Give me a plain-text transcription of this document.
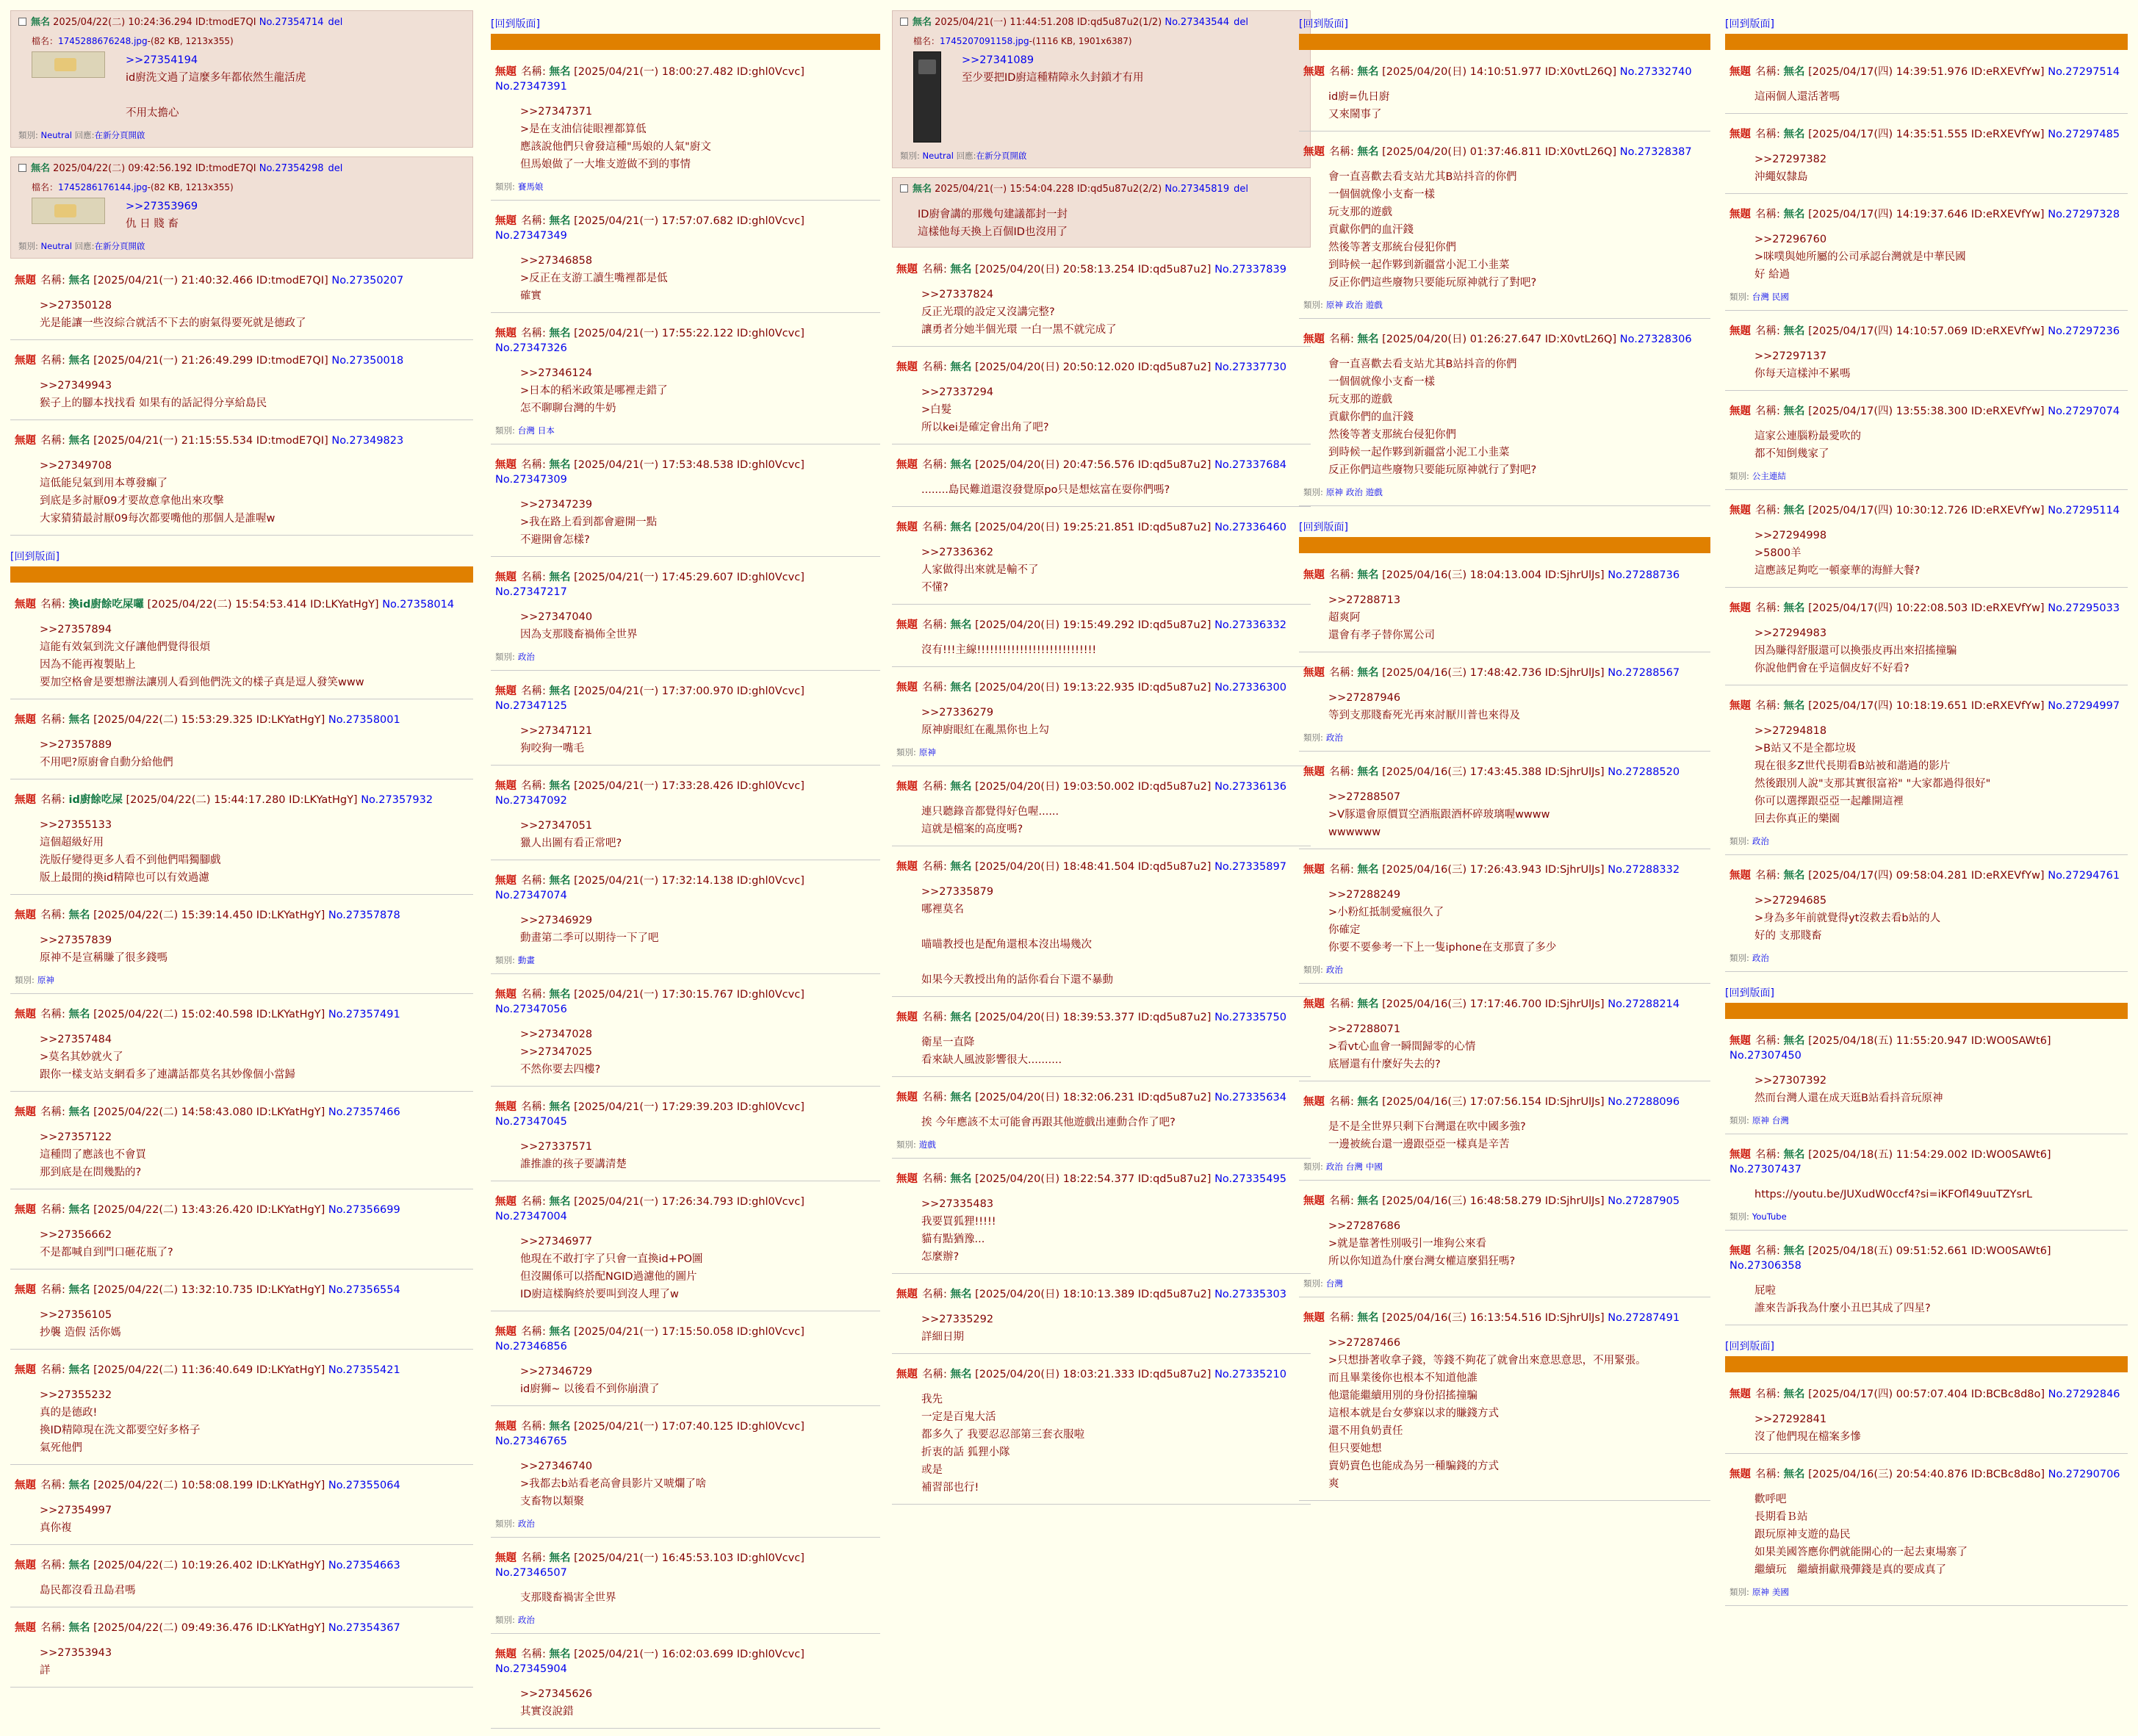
無名 2025/04/22(二) 10:24:36.294 ID:tmodE7QI No.27354714 del
檔名：1745288676248.jpg-(82 KB, 1213x355)
>>27354194
id廚洗文過了這麼多年都依然生龍活虎
不用太擔心
類別: Neutral 回應:在新分頁開啟
無名 2025/04/22(二) 09:42:56.192 ID:tmodE7QI No.27354298 del
檔名：1745286176144.jpg-(82 KB, 1213x355)
>>27353969
仇 日 賤 畜
類別: Neutral 回應:在新分頁開啟
無題 名稱: 無名 [2025/04/21(一) 21:40:32.466 ID:tmodE7QI] No.27350207
>>27350128
光是能讓一些沒綜合就活不下去的廚氣得要死就是德政了
無題 名稱: 無名 [2025/04/21(一) 21:26:49.299 ID:tmodE7QI] No.27350018
>>27349943
猴子上的腳本找找看 如果有的話記得分享給島民
無題 名稱: 無名 [2025/04/21(一) 21:15:55.534 ID:tmodE7QI] No.27349823
>>27349708
這低能兒氣到用本尊發癲了
到底是多討厭09才要故意拿他出來攻擊
大家猜猜最討厭09每次都要嘴他的那個人是誰喔w
[回到版面]
無題 名稱: 換id廚餘吃屎囉 [2025/04/22(二) 15:54:53.414 ID:LKYatHgY] No.27358014
>>27357894
這能有效氣到洗文仔讓他們覺得很煩
因為不能再複製貼上
要加空格會是要想辦法讓別人看到他們洗文的樣子真是逗人發笑www
無題 名稱: 無名 [2025/04/22(二) 15:53:29.325 ID:LKYatHgY] No.27358001
>>27357889
不用吧?原廚會自動分給他們
無題 名稱: id廚餘吃屎 [2025/04/22(二) 15:44:17.280 ID:LKYatHgY] No.27357932
>>27355133
這個超級好用
洗版仔變得更多人看不到他們唱獨腳戲
版上最閒的換id精障也可以有效過濾
無題 名稱: 無名 [2025/04/22(二) 15:39:14.450 ID:LKYatHgY] No.27357878
>>27357839
原神不是宣稱賺了很多錢嗎
類別: 原神
無題 名稱: 無名 [2025/04/22(二) 15:02:40.598 ID:LKYatHgY] No.27357491
>>27357484
>莫名其妙就火了
跟你一樣支站支網看多了連講話都莫名其妙像個小當歸
無題 名稱: 無名 [2025/04/22(二) 14:58:43.080 ID:LKYatHgY] No.27357466
>>27357122
這種問了應該也不會買
那到底是在問幾點的?
無題 名稱: 無名 [2025/04/22(二) 13:43:26.420 ID:LKYatHgY] No.27356699
>>27356662
不是都喊自到門口砸花瓶了?
無題 名稱: 無名 [2025/04/22(二) 13:32:10.735 ID:LKYatHgY] No.27356554
>>27356105
抄襲 造假 活你媽
無題 名稱: 無名 [2025/04/22(二) 11:36:40.649 ID:LKYatHgY] No.27355421
>>27355232
真的是德政!
換ID精障現在洗文都要空好多格子
氣死他們
無題 名稱: 無名 [2025/04/22(二) 10:58:08.199 ID:LKYatHgY] No.27355064
>>27354997
真你複
無題 名稱: 無名 [2025/04/22(二) 10:19:26.402 ID:LKYatHgY] No.27354663
島民都沒看丑島君嗎
無題 名稱: 無名 [2025/04/22(二) 09:49:36.476 ID:LKYatHgY] No.27354367
>>27353943
詳
[回到版面]
無題 名稱: 無名 [2025/04/21(一) 18:00:27.482 ID:ghl0Vcvc] No.27347391
>>27347371
>是在支油信徒眼裡都算低
應該說他們只會發這種"馬娘的人氣"廚文
但馬娘做了一大堆支遊做不到的事情
類別: 賽馬娘
無題 名稱: 無名 [2025/04/21(一) 17:57:07.682 ID:ghl0Vcvc] No.27347349
>>27346858
>反正在支游工讀生嘴裡都是低
確實
無題 名稱: 無名 [2025/04/21(一) 17:55:22.122 ID:ghl0Vcvc] No.27347326
>>27346124
>日本的稻米政策是哪裡走錯了
怎不聊聊台灣的牛奶
類別: 台灣 日本
無題 名稱: 無名 [2025/04/21(一) 17:53:48.538 ID:ghl0Vcvc] No.27347309
>>27347239
>我在路上看到都會避開一點
不避開會怎樣?
無題 名稱: 無名 [2025/04/21(一) 17:45:29.607 ID:ghl0Vcvc] No.27347217
>>27347040
因為支那賤畜禍佈全世界
類別: 政治
無題 名稱: 無名 [2025/04/21(一) 17:37:00.970 ID:ghl0Vcvc] No.27347125
>>27347121
狗咬狗一嘴毛
無題 名稱: 無名 [2025/04/21(一) 17:33:28.426 ID:ghl0Vcvc] No.27347092
>>27347051
獵人出圖有看正常吧?
無題 名稱: 無名 [2025/04/21(一) 17:32:14.138 ID:ghl0Vcvc] No.27347074
>>27346929
動畫第二季可以期待一下了吧
類別: 動畫
無題 名稱: 無名 [2025/04/21(一) 17:30:15.767 ID:ghl0Vcvc] No.27347056
>>27347028
>>27347025
不然你要去四樓?
無題 名稱: 無名 [2025/04/21(一) 17:29:39.203 ID:ghl0Vcvc] No.27347045
>>27337571
誰推誰的孩子要講清楚
無題 名稱: 無名 [2025/04/21(一) 17:26:34.793 ID:ghl0Vcvc] No.27347004
>>27346977
他現在不敢打字了只會一直換id+PO圖
但沒關係可以搭配NGID過濾他的圖片
ID廚這樣胸終於要叫到沒人理了w
無題 名稱: 無名 [2025/04/21(一) 17:15:50.058 ID:ghl0Vcvc] No.27346856
>>27346729
id廚狮~ 以後看不到你崩潰了
無題 名稱: 無名 [2025/04/21(一) 17:07:40.125 ID:ghl0Vcvc] No.27346765
>>27346740
>我都去b站看老高會員影片又唬爛了啥
支畜物以類聚
類別: 政治
無題 名稱: 無名 [2025/04/21(一) 16:45:53.103 ID:ghl0Vcvc] No.27346507
支那賤畜禍害全世界
類別: 政治
無題 名稱: 無名 [2025/04/21(一) 16:02:03.699 ID:ghl0Vcvc] No.27345904
>>27345626
其實沒說錯
無名 2025/04/21(一) 11:44:51.208 ID:qd5u87u2(1/2) No.27343544 del
檔名：1745207091158.jpg-(1116 KB, 1901x6387)
>>27341089
至少要把ID廚這種精障永久封鎖才有用
類別: Neutral 回應:在新分頁開啟
無名 2025/04/21(一) 15:54:04.228 ID:qd5u87u2(2/2) No.27345819 del
ID廚會講的那幾句建議都封一封
這樣他每天換上百個ID也沒用了
無題 名稱: 無名 [2025/04/20(日) 20:58:13.254 ID:qd5u87u2] No.27337839
>>27337824
反正光環的設定又沒講完整?
讓勇者分她半個光環 一白一黑不就完成了
無題 名稱: 無名 [2025/04/20(日) 20:50:12.020 ID:qd5u87u2] No.27337730
>>27337294
>白髮
所以kei是確定會出角了吧?
無題 名稱: 無名 [2025/04/20(日) 20:47:56.576 ID:qd5u87u2] No.27337684
........島民難道還沒發覺原po只是想炫富在耍你們嗎?
無題 名稱: 無名 [2025/04/20(日) 19:25:21.851 ID:qd5u87u2] No.27336460
>>27336362
人家做得出來就是輸不了
不懂?
無題 名稱: 無名 [2025/04/20(日) 19:15:49.292 ID:qd5u87u2] No.27336332
沒有!!!主線!!!!!!!!!!!!!!!!!!!!!!!!!!!!
無題 名稱: 無名 [2025/04/20(日) 19:13:22.935 ID:qd5u87u2] No.27336300
>>27336279
原神廚眼紅在亂黑你也上勾
類別: 原神
無題 名稱: 無名 [2025/04/20(日) 19:03:50.002 ID:qd5u87u2] No.27336136
連只聽錄音都覺得好色喔......
這就是檔案的高度嗎?
無題 名稱: 無名 [2025/04/20(日) 18:48:41.504 ID:qd5u87u2] No.27335897
>>27335879
哪裡莫名
喵喵教授也是配角還根本沒出場幾次
如果今天教授出角的話你看台下還不暴動
無題 名稱: 無名 [2025/04/20(日) 18:39:53.377 ID:qd5u87u2] No.27335750
衛星一直降
看來缺人風波影響很大..........
無題 名稱: 無名 [2025/04/20(日) 18:32:06.231 ID:qd5u87u2] No.27335634
挨 今年應該不太可能會再跟其他遊戲出連動合作了吧?
類別: 遊戲
無題 名稱: 無名 [2025/04/20(日) 18:22:54.377 ID:qd5u87u2] No.27335495
>>27335483
我要買狐狸!!!!!
貓有點猶豫...
怎麼辦?
無題 名稱: 無名 [2025/04/20(日) 18:10:13.389 ID:qd5u87u2] No.27335303
>>27335292
詳細日期
無題 名稱: 無名 [2025/04/20(日) 18:03:21.333 ID:qd5u87u2] No.27335210
我先
一定是百鬼大活
都多久了 我要忍忍部第三套衣服啦
折衷的話 狐狸小隊
或是
補習部也行!
[回到版面]
無題 名稱: 無名 [2025/04/20(日) 14:10:51.977 ID:X0vtL26Q] No.27332740
id廚=仇日廚
又來鬧事了
無題 名稱: 無名 [2025/04/20(日) 01:37:46.811 ID:X0vtL26Q] No.27328387
會一直喜歡去看支站尤其B站抖音的你們
一個個就像小支畜一樣
玩支那的遊戲
貢獻你們的血汗錢
然後等著支那統台侵犯你們
到時候一起作夥到新疆當小泥工小韭菜
反正你們這些廢物只要能玩原神就行了對吧?
類別: 原神 政治 遊戲
無題 名稱: 無名 [2025/04/20(日) 01:26:27.647 ID:X0vtL26Q] No.27328306
會一直喜歡去看支站尤其B站抖音的你們
一個個就像小支畜一樣
玩支那的遊戲
貢獻你們的血汗錢
然後等著支那統台侵犯你們
到時候一起作夥到新疆當小泥工小韭菜
反正你們這些廢物只要能玩原神就行了對吧?
類別: 原神 政治 遊戲
[回到版面]
無題 名稱: 無名 [2025/04/16(三) 18:04:13.004 ID:SjhrUlJs] No.27288736
>>27288713
超爽阿
還會有孝子替你罵公司
無題 名稱: 無名 [2025/04/16(三) 17:48:42.736 ID:SjhrUlJs] No.27288567
>>27287946
等到支那賤畜死光再來討厭川普也來得及
類別: 政治
無題 名稱: 無名 [2025/04/16(三) 17:43:45.388 ID:SjhrUlJs] No.27288520
>>27288507
>V豚還會原價買空酒瓶跟酒杯碎玻璃喔wwww
wwwwww
無題 名稱: 無名 [2025/04/16(三) 17:26:43.943 ID:SjhrUlJs] No.27288332
>>27288249
>小粉紅抵制愛瘋很久了
你確定
你要不要參考一下上一隻iphone在支那賣了多少
類別: 政治
無題 名稱: 無名 [2025/04/16(三) 17:17:46.700 ID:SjhrUlJs] No.27288214
>>27288071
>看vt心血會一瞬間歸零的心情
底層還有什麼好失去的?
無題 名稱: 無名 [2025/04/16(三) 17:07:56.154 ID:SjhrUlJs] No.27288096
是不是全世界只剩下台灣還在吹中國多強?
一邊被統台還一邊跟亞亞一樣真是辛苦
類別: 政治 台灣 中國
無題 名稱: 無名 [2025/04/16(三) 16:48:58.279 ID:SjhrUlJs] No.27287905
>>27287686
>就是靠著性別吸引一堆狗公來看
所以你知道為什麼台灣女權這麼猖狂嗎?
類別: 台灣
無題 名稱: 無名 [2025/04/16(三) 16:13:54.516 ID:SjhrUlJs] No.27287491
>>27287466
>只想掛著收拿子錢，等錢不夠花了就會出來意思意思，不用緊張。
而且畢業後你也根本不知道他誰
他還能繼續用別的身份招搖撞騙
這根本就是台女夢寐以求的賺錢方式
還不用負奶責任
但只要她想
賣奶賣色也能成為另一種騙錢的方式
爽
[回到版面]
無題 名稱: 無名 [2025/04/17(四) 14:39:51.976 ID:eRXEVfYw] No.27297514
這兩個人還活著嗎
無題 名稱: 無名 [2025/04/17(四) 14:35:51.555 ID:eRXEVfYw] No.27297485
>>27297382
沖繩奴隸島
無題 名稱: 無名 [2025/04/17(四) 14:19:37.646 ID:eRXEVfYw] No.27297328
>>27296760
>咪噗與她所屬的公司承認台灣就是中華民國
好 給過
類別: 台灣 民國
無題 名稱: 無名 [2025/04/17(四) 14:10:57.069 ID:eRXEVfYw] No.27297236
>>27297137
你每天這樣沖不累嗎
無題 名稱: 無名 [2025/04/17(四) 13:55:38.300 ID:eRXEVfYw] No.27297074
這家公連腦粉最愛吹的
都不知倒幾家了
類別: 公主連結
無題 名稱: 無名 [2025/04/17(四) 10:30:12.726 ID:eRXEVfYw] No.27295114
>>27294998
>5800羊
這應該足夠吃一頓豪華的海鮮大餐?
無題 名稱: 無名 [2025/04/17(四) 10:22:08.503 ID:eRXEVfYw] No.27295033
>>27294983
因為賺得舒服還可以換張皮再出來招搖撞騙
你說他們會在乎這個皮好不好看?
無題 名稱: 無名 [2025/04/17(四) 10:18:19.651 ID:eRXEVfYw] No.27294997
>>27294818
>B站又不是全都垃圾
現在很多Z世代長期看B站被和諧過的影片
然後跟別人說"支那其實很富裕" "大家都過得很好"
你可以選擇跟亞亞一起離開這裡
回去你真正的樂園
類別: 政治
無題 名稱: 無名 [2025/04/17(四) 09:58:04.281 ID:eRXEVfYw] No.27294761
>>27294685
>身為多年前就覺得yt沒救去看b站的人
好的 支那賤畜
類別: 政治
[回到版面]
無題 名稱: 無名 [2025/04/18(五) 11:55:20.947 ID:WO0SAWt6] No.27307450
>>27307392
然而台灣人還在成天逛B站看抖音玩原神
類別: 原神 台灣
無題 名稱: 無名 [2025/04/18(五) 11:54:29.002 ID:WO0SAWt6] No.27307437
https://youtu.be/JUXudW0ccf4?si=iKFOfl49uuTZYsrL
類別: YouTube
無題 名稱: 無名 [2025/04/18(五) 09:51:52.661 ID:WO0SAWt6] No.27306358
屁啦
誰來告訴我為什麼小丑巴其成了四星?
[回到版面]
無題 名稱: 無名 [2025/04/17(四) 00:57:07.404 ID:BCBc8d8o] No.27292846
>>27292841
沒了他們現在檔案多慘
無題 名稱: 無名 [2025/04/16(三) 20:54:40.876 ID:BCBc8d8o] No.27290706
歡呼吧
長期看Ｂ站
跟玩原神支遊的島民
如果美國答應你們就能開心的一起去東場寨了
繼續玩　繼續捐獻飛彈錢是真的要成真了
類別: 原神 美國
